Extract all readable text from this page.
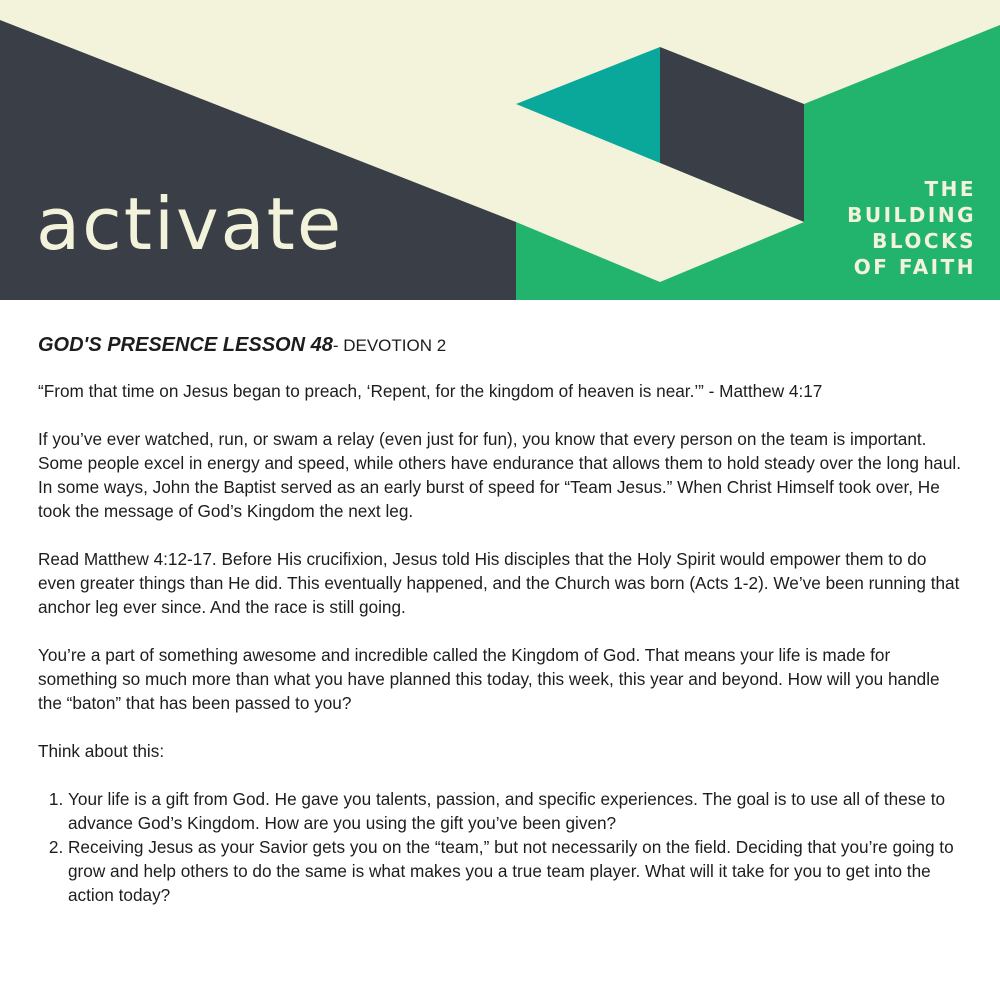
activate	THE
BUILDING
BLOCKS
OF FAITH
GOD'S PRESENCE LESSON 48- DEVOTION 2

“From that time on Jesus began to preach, ‘Repent, for the kingdom of heaven is near.’” - Matthew 4:17

If you’ve ever watched, run, or swam a relay (even just for fun), you know that every person on the team is important. Some people excel in energy and speed, while others have endurance that allows them to hold steady over the long haul. In some ways, John the Baptist served as an early burst of speed for “Team Jesus.” When Christ Himself took over, He took the message of God’s Kingdom the next leg.

Read Matthew 4:12-17. Before His crucifixion, Jesus told His disciples that the Holy Spirit would empower them to do even greater things than He did. This eventually happened, and the Church was born (Acts 1-2). We’ve been running that anchor leg ever since. And the race is still going.

You’re a part of something awesome and incredible called the Kingdom of God. That means your life is made for something so much more than what you have planned this today, this week, this year and beyond. How will you handle the “baton” that has been passed to you?

Think about this:

1. Your life is a gift from God. He gave you talents, passion, and specific experiences. The goal is to use all of these to advance God’s Kingdom. How are you using the gift you’ve been given?
2. Receiving Jesus as your Savior gets you on the “team,” but not necessarily on the field. Deciding that you’re going to grow and help others to do the same is what makes you a true team player. What will it take for you to get into the action today?
